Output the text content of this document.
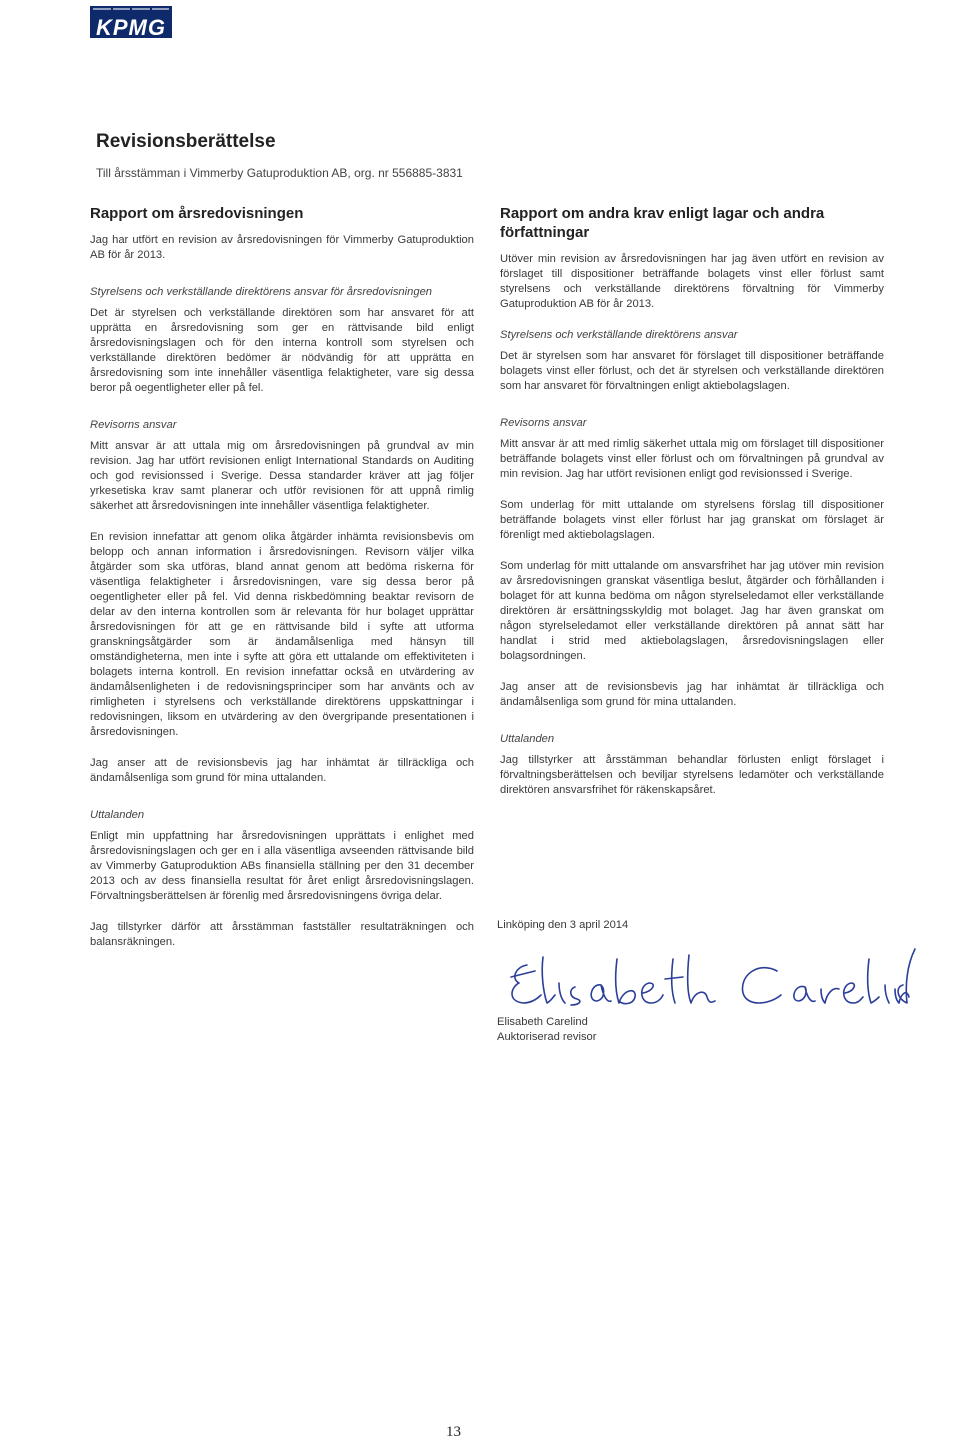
KPMG
Revisionsberättelse

Till årsstämman i Vimmerby Gatuproduktion AB, org. nr 556885-3831

Rapport om årsredovisningen

Jag har utfört en revision av årsredovisningen för Vimmerby Gatuproduktion AB för år 2013.

Styrelsens och verkställande direktörens ansvar för årsredovisningen

Det är styrelsen och verkställande direktören som har ansvaret för att upprätta en årsredovisning som ger en rättvisande bild enligt årsredovisningslagen och för den interna kontroll som styrelsen och verkställande direktören bedömer är nödvändig för att upprätta en årsredovisning som inte innehåller väsentliga felaktigheter, vare sig dessa beror på oegentligheter eller på fel.

Revisorns ansvar

Mitt ansvar är att uttala mig om årsredovisningen på grundval av min revision. Jag har utfört revisionen enligt International Standards on Auditing och god revisionssed i Sverige. Dessa standarder kräver att jag följer yrkesetiska krav samt planerar och utför revisionen för att uppnå rimlig säkerhet att årsredovisningen inte innehåller väsentliga felaktigheter.

En revision innefattar att genom olika åtgärder inhämta revisionsbevis om belopp och annan information i årsredovisningen. Revisorn väljer vilka åtgärder som ska utföras, bland annat genom att bedöma riskerna för väsentliga felaktigheter i årsredovisningen, vare sig dessa beror på oegentligheter eller på fel. Vid denna riskbedömning beaktar revisorn de delar av den interna kontrollen som är relevanta för hur bolaget upprättar årsredovisningen för att ge en rättvisande bild i syfte att utforma granskningsåtgärder som är ändamålsenliga med hänsyn till omständigheterna, men inte i syfte att göra ett uttalande om effektiviteten i bolagets interna kontroll. En revision innefattar också en utvärdering av ändamålsenligheten i de redovisningsprinciper som har använts och av rimligheten i styrelsens och verkställande direktörens uppskattningar i redovisningen, liksom en utvärdering av den övergripande presentationen i årsredovisningen.

Jag anser att de revisionsbevis jag har inhämtat är tillräckliga och ändamålsenliga som grund för mina uttalanden.

Uttalanden

Enligt min uppfattning har årsredovisningen upprättats i enlighet med årsredovisningslagen och ger en i alla väsentliga avseenden rättvisande bild av Vimmerby Gatuproduktion ABs finansiella ställning per den 31 december 2013 och av dess finansiella resultat för året enligt årsredovisningslagen. Förvaltningsberättelsen är förenlig med årsredovisningens övriga delar.

Jag tillstyrker därför att årsstämman fastställer resultaträkningen och balansräkningen.

Rapport om andra krav enligt lagar och andra författningar

Utöver min revision av årsredovisningen har jag även utfört en revision av förslaget till dispositioner beträffande bolagets vinst eller förlust samt styrelsens och verkställande direktörens förvaltning för Vimmerby Gatuproduktion AB för år 2013.

Styrelsens och verkställande direktörens ansvar

Det är styrelsen som har ansvaret för förslaget till dispositioner beträffande bolagets vinst eller förlust, och det är styrelsen och verkställande direktören som har ansvaret för förvaltningen enligt aktiebolagslagen.

Revisorns ansvar

Mitt ansvar är att med rimlig säkerhet uttala mig om förslaget till dispositioner beträffande bolagets vinst eller förlust och om förvaltningen på grundval av min revision. Jag har utfört revisionen enligt god revisionssed i Sverige.

Som underlag för mitt uttalande om styrelsens förslag till dispositioner beträffande bolagets vinst eller förlust har jag granskat om förslaget är förenligt med aktiebolagslagen.

Som underlag för mitt uttalande om ansvarsfrihet har jag utöver min revision av årsredovisningen granskat väsentliga beslut, åtgärder och förhållanden i bolaget för att kunna bedöma om någon styrelseledamot eller verkställande direktören är ersättningsskyldig mot bolaget. Jag har även granskat om någon styrelseledamot eller verkställande direktören på annat sätt har handlat i strid med aktiebolagslagen, årsredovisningslagen eller bolagsordningen.

Jag anser att de revisionsbevis jag har inhämtat är tillräckliga och ändamålsenliga som grund för mina uttalanden.

Uttalanden

Jag tillstyrker att årsstämman behandlar förlusten enligt förslaget i förvaltningsberättelsen och beviljar styrelsens ledamöter och verkställande direktören ansvarsfrihet för räkenskapsåret.

Linköping den 3 april 2014
Elisabeth Carelind
Auktoriserad revisor
13
